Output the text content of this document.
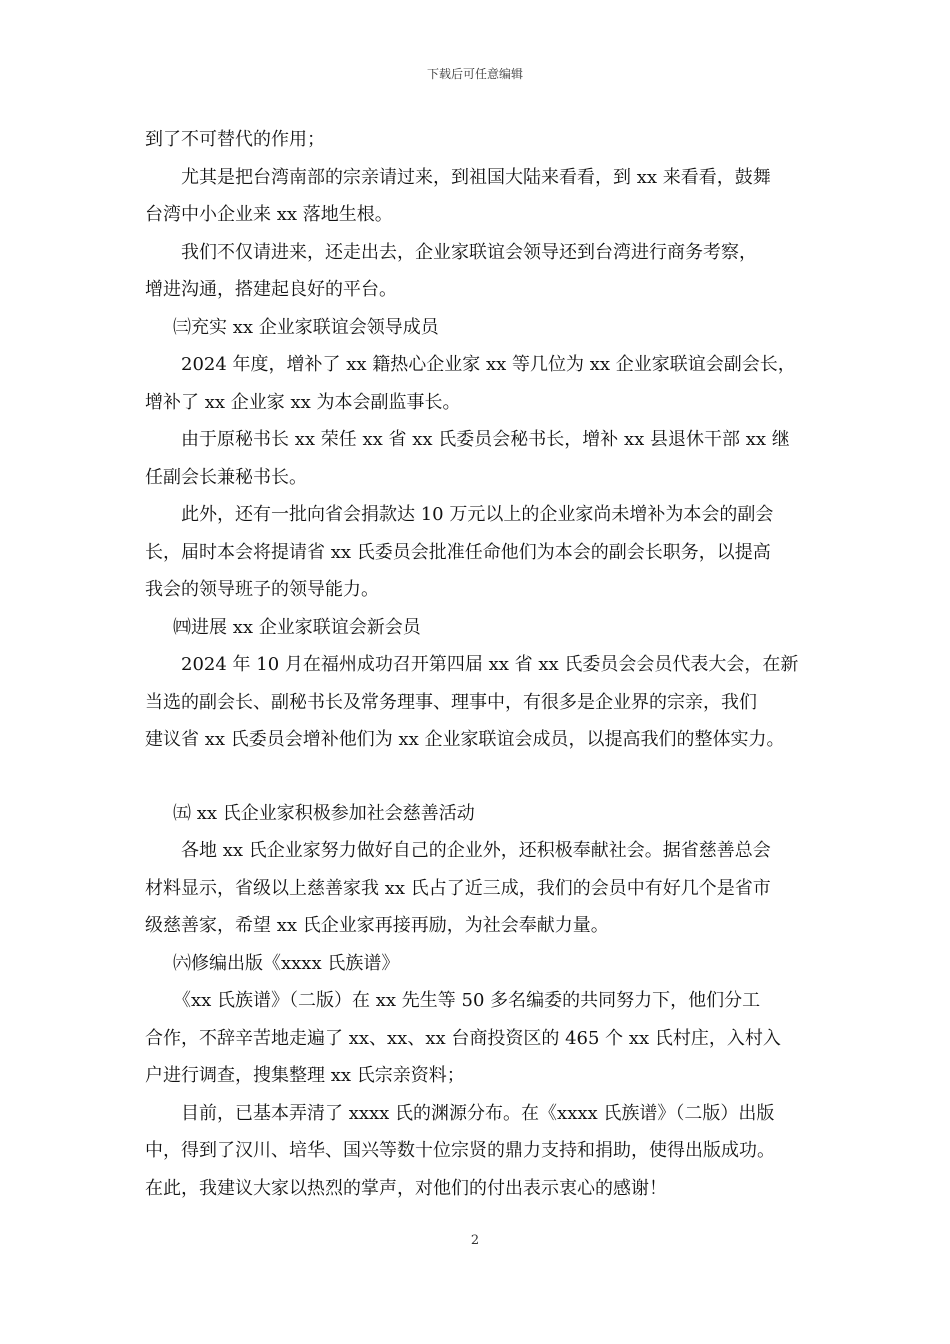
下载后可任意编辑
到了不可替代的作用；
尤其是把台湾南部的宗亲请过来，到祖国大陆来看看，到 xx 来看看，鼓舞
台湾中小企业来 xx 落地生根。
我们不仅请进来，还走出去，企业家联谊会领导还到台湾进行商务考察，
增进沟通，搭建起良好的平台。
㈢充实 xx 企业家联谊会领导成员
2024 年度，增补了 xx 籍热心企业家 xx 等几位为 xx 企业家联谊会副会长，
增补了 xx 企业家 xx 为本会副监事长。
由于原秘书长 xx 荣任 xx 省 xx 氏委员会秘书长，增补 xx 县退休干部 xx 继
任副会长兼秘书长。
此外，还有一批向省会捐款达 10 万元以上的企业家尚未增补为本会的副会
长，届时本会将提请省 xx 氏委员会批准任命他们为本会的副会长职务，以提高
我会的领导班子的领导能力。
㈣进展 xx 企业家联谊会新会员
2024 年 10 月在福州成功召开第四届 xx 省 xx 氏委员会会员代表大会，在新
当选的副会长、副秘书长及常务理事、理事中，有很多是企业界的宗亲，我们
建议省 xx 氏委员会增补他们为 xx 企业家联谊会成员，以提高我们的整体实力。
㈤ xx 氏企业家积极参加社会慈善活动
各地 xx 氏企业家努力做好自己的企业外，还积极奉献社会。据省慈善总会
材料显示，省级以上慈善家我 xx 氏占了近三成，我们的会员中有好几个是省市
级慈善家，希望 xx 氏企业家再接再励，为社会奉献力量。
㈥修编出版《xxxx 氏族谱》
《xx 氏族谱》（二版）在 xx 先生等 50 多名编委的共同努力下，他们分工
合作，不辞辛苦地走遍了 xx、xx、xx 台商投资区的 465 个 xx 氏村庄，入村入
户进行调查，搜集整理 xx 氏宗亲资料；
目前，已基本弄清了 xxxx 氏的渊源分布。在《xxxx 氏族谱》（二版）出版
中，得到了汉川、培华、国兴等数十位宗贤的鼎力支持和捐助，使得出版成功。
在此，我建议大家以热烈的掌声，对他们的付出表示衷心的感谢！
2
